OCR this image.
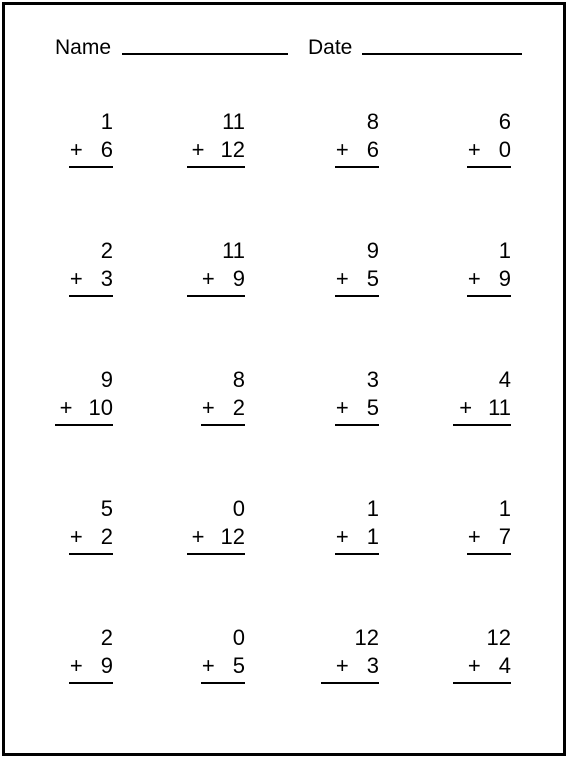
Name	Date
1
+ 6
11
+ 12
8
+ 6
6
+ 0
2
+ 3
11
+ 9
9
+ 5
1
+ 9
9
+ 10
8
+ 2
3
+ 5
4
+ 11
5
+ 2
0
+ 12
1
+ 1
1
+ 7
2
+ 9
0
+ 5
12
+ 3
12
+ 4
